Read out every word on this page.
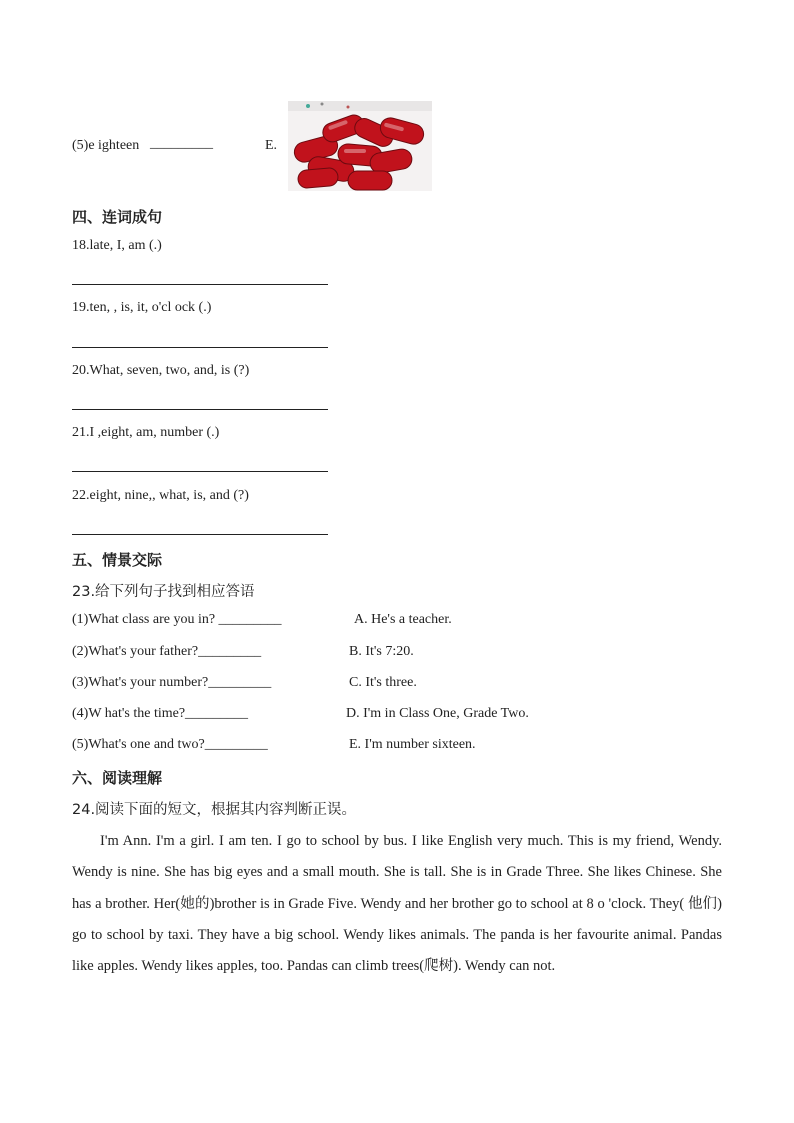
(5)e ighteen _________	E.
四、连词成句
18.late, I, am (.)
19.ten, , is, it, o'cl ock (.)
20.What, seven, two, and, is (?)
21.I ,eight, am, number (.)
22.eight, nine,, what, is, and (?)
五、情景交际
23.给下列句子找到相应答语
(1)What class are you in? _________	A. He's a teacher.
(2)What's your father?_________	B. It's 7:20.
(3)What's your number?_________	C. It's three.
(4)W hat's the time?_________	D. I'm in Class One, Grade Two.
(5)What's one and two?_________	E. I'm number sixteen.
六、阅读理解
24.阅读下面的短文，根据其内容判断正误。
I'm Ann. I'm a girl. I am ten. I go to school by bus. I like English very much. This is my friend, Wendy. Wendy is nine. She has big eyes and a small mouth. She is tall. She is in Grade Three. She likes Chinese. She has a brother. Her(她的)brother is in Grade Five. Wendy and her brother go to school at 8 o 'clock. They( 他们) go to school by taxi. They have a big school. Wendy likes animals. The panda is her favourite animal. Pandas like apples. Wendy likes apples, too. Pandas can climb trees(爬树). Wendy can not.
